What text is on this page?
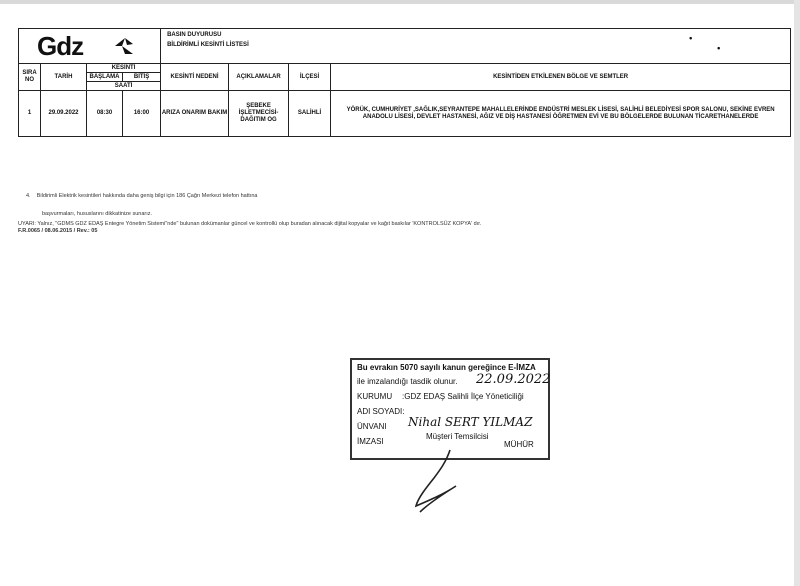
Gdz				BASIN DUYURUSU
BİLDİRİMLİ KESİNTİ LİSTESİ
•
•			

SIRA NO	TARİH	KESİNTİ		KESİNTİ NEDENİ	AÇIKLAMALAR	İLÇESİ	KESİNTİDEN ETKİLENEN BÖLGE VE SEMTLER
		BAŞLAMA	BİTİŞ				
		SAATİ					
1	29.09.2022	08:30	16:00	ARIZA ONARIM BAKIM	ŞEBEKE İŞLETMECİSİ-DAĞITIM OG	SALİHLİ	YÖRÜK, CUMHURİYET ,SAĞLIK,SEYRANTEPE MAHALLELERİNDE ENDÜSTRİ MESLEK LİSESİ, SALİHLİ BELEDİYESİ SPOR SALONU, SEKİNE EVREN ANADOLU LİSESİ, DEVLET HASTANESİ, AĞIZ VE DİŞ HASTANESİ ÖĞRETMEN EVİ VE BU BÖLGELERDE BULUNAN TİCARETHANELERDE
4. Bildirimli Elektrik kesintileri hakkında daha geniş bilgi için 186 Çağrı Merkezi telefon hattına
başvurmaları, hususlarını dikkatinize sunarız.
UYARI: Yalnız, "GDMS GDZ EDAŞ Entegre Yönetim Sistemi"nde" bulunan dokümanlar güncel ve kontrollü olup buradan alınacak dijital kopyalar ve kağıt baskılar 'KONTROLSÜZ KOPYA' dır.
F.R.0065 / 08.06.2015 / Rev.: 05
Bu evrakın 5070 sayılı kanun gereğince E-İMZA
ile imzalandığı tasdik olunur. 22.09.2022
KURUMU :GDZ EDAŞ Salihli İlçe Yöneticiliği
ADI SOYADI:
ÜNVANI Nihal SERT YILMAZ
İMZASI
Müşteri Temsilcisi
MÜHÜR
